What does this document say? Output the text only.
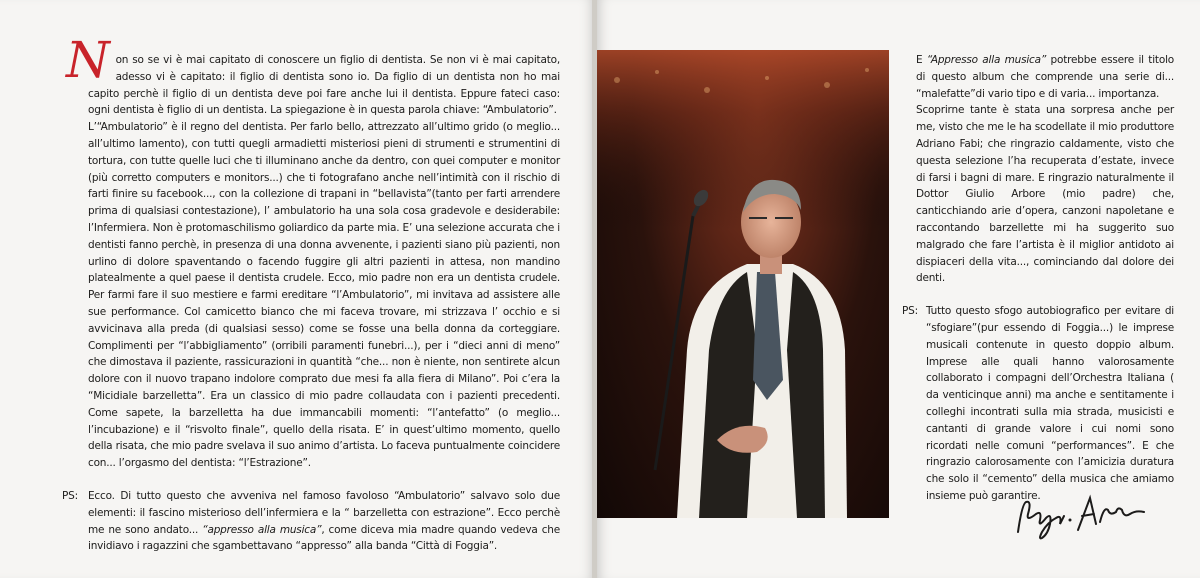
Non so se vi è mai capitato di conoscere un figlio di dentista. Se non vi è mai capitato, adesso vi è capitato: il figlio di dentista sono io. Da figlio di un dentista non ho mai capito perchè il figlio di un dentista deve poi fare anche lui il dentista. Eppure fateci caso: ogni dentista è figlio di un dentista. La spiegazione è in questa parola chiave: “Ambulatorio”.

L’“Ambulatorio” è il regno del dentista. Per farlo bello, attrezzato all’ultimo grido (o meglio... all’ultimo lamento), con tutti quegli armadietti misteriosi pieni di strumenti e strumentini di tortura, con tutte quelle luci che ti illuminano anche da dentro, con quei computer e monitor (più corretto computers e monitors...) che ti fotografano anche nell’intimità con il rischio di farti finire su facebook..., con la collezione di trapani in “bellavista”(tanto per farti arrendere prima di qualsiasi contestazione), l’ ambulatorio ha una sola cosa gradevole e desiderabile: l’Infermiera. Non è protomaschilismo goliardico da parte mia. E’ una selezione accurata che i dentisti fanno perchè, in presenza di una donna avvenente, i pazienti siano più pazienti, non urlino di dolore spaventando o facendo fuggire gli altri pazienti in attesa, non mandino platealmente a quel paese il dentista crudele. Ecco, mio padre non era un dentista crudele. Per farmi fare il suo mestiere e farmi ereditare “l’Ambulatorio”, mi invitava ad assistere alle sue performance. Col camicetto bianco che mi faceva trovare, mi strizzava l’ occhio e si avvicinava alla preda (di qualsiasi sesso) come se fosse una bella donna da corteggiare. Complimenti per “l’abbigliamento” (orribili paramenti funebri...), per i “dieci anni di meno” che dimostava il paziente, rassicurazioni in quantità “che... non è niente, non sentirete alcun dolore con il nuovo trapano indolore comprato due mesi fa alla fiera di Milano”. Poi c’era la “Micidiale barzelletta”. Era un classico di mio padre collaudata con i pazienti precedenti. Come sapete, la barzelletta ha due immancabili momenti: “l’antefatto” (o meglio... l’incubazione) e il “risvolto finale”, quello della risata. E’ in quest’ultimo momento, quello della risata, che mio padre svelava il suo animo d’artista. Lo faceva puntualmente coincidere con... l’orgasmo del dentista: “l’Estrazione”.

PS: Ecco. Di tutto questo che avveniva nel famoso favoloso “Ambulatorio” salvavo solo due elementi: il fascino misterioso dell’infermiera e la “ barzelletta con estrazione”. Ecco perchè me ne sono andato... “appresso alla musica”, come diceva mia madre quando vedeva che invidiavo i ragazzini che sgambettavano “appresso” alla banda “Città di Foggia”.

E “Appresso alla musica” potrebbe essere il titolo di questo album che comprende una serie di... “malefatte”di vario tipo e di varia... importanza.

Scoprirne tante è stata una sorpresa anche per me, visto che me le ha scodellate il mio produttore Adriano Fabi; che ringrazio caldamente, visto che questa selezione l’ha recuperata d’estate, invece di farsi i bagni di mare. E ringrazio naturalmente il Dottor Giulio Arbore (mio padre) che, canticchiando arie d’opera, canzoni napoletane e raccontando barzellette mi ha suggerito suo malgrado che fare l’artista è il miglior antidoto ai dispiaceri della vita..., cominciando dal dolore dei denti.

PS: Tutto questo sfogo autobiografico per evitare di “sfogiare”(pur essendo di Foggia...) le imprese musicali contenute in questo doppio album. Imprese alle quali hanno valorosamente collaborato i compagni dell’Orchestra Italiana ( da venticinque anni) ma anche e sentitamente i colleghi incontrati sulla mia strada, musicisti e cantanti di grande valore i cui nomi sono ricordati nelle comuni “performances”. E che ringrazio calorosamente con l’amicizia duratura che solo il “cemento” della musica che amiamo insieme può garantire.
